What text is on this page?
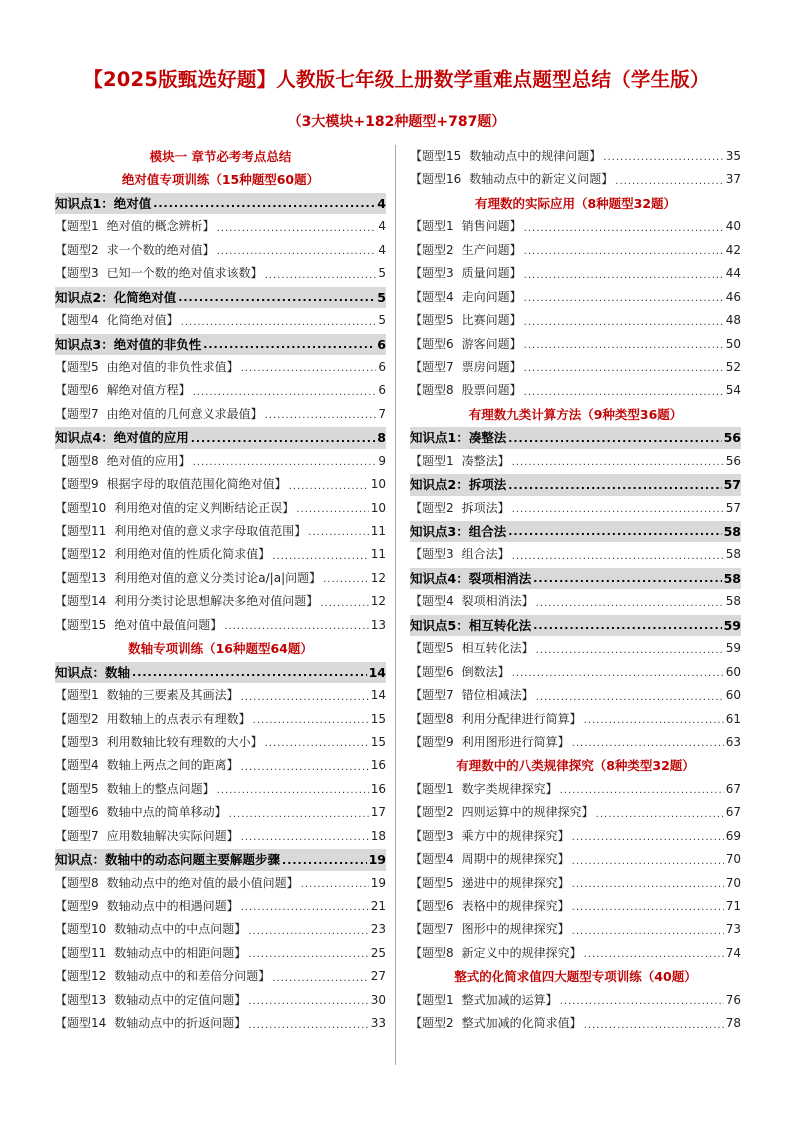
【2025版甄选好题】人教版七年级上册数学重难点题型总结（学生版）
（3大模块+182种题型+787题）
模块一 章节必考考点总结
绝对值专项训练（15种题型60题）
知识点1：绝对值 .....	4
【题型1 绝对值的概念辨析】 .....	4
【题型2 求一个数的绝对值】 .....	4
【题型3 已知一个数的绝对值求该数】 .....	5
知识点2：化简绝对值 .....	5
【题型4 化简绝对值】 .....	5
知识点3：绝对值的非负性 .....	6
【题型5 由绝对值的非负性求值】 .....	6
【题型6 解绝对值方程】 .....	6
【题型7 由绝对值的几何意义求最值】 .....	7
知识点4：绝对值的应用 .....	8
【题型8 绝对值的应用】 .....	9
【题型9 根据字母的取值范围化简绝对值】 .....	10
【题型10 利用绝对值的定义判断结论正误】 .....	10
【题型11 利用绝对值的意义求字母取值范围】 .....	11
【题型12 利用绝对值的性质化简求值】 .....	11
【题型13 利用绝对值的意义分类讨论a/|a|问题】 .....	12
【题型14 利用分类讨论思想解决多绝对值问题】 .....	12
【题型15 绝对值中最值问题】 .....	13
数轴专项训练（16种题型64题）
知识点：数轴 .....	14
【题型1 数轴的三要素及其画法】 .....	14
【题型2 用数轴上的点表示有理数】 .....	15
【题型3 利用数轴比较有理数的大小】 .....	15
【题型4 数轴上两点之间的距离】 .....	16
【题型5 数轴上的整点问题】 .....	16
【题型6 数轴中点的简单移动】 .....	17
【题型7 应用数轴解决实际问题】 .....	18
知识点：数轴中的动态问题主要解题步骤 .....	19
【题型8 数轴动点中的绝对值的最小值问题】 .....	19
【题型9 数轴动点中的相遇问题】 .....	21
【题型10 数轴动点中的中点问题】 .....	23
【题型11 数轴动点中的相距问题】 .....	25
【题型12 数轴动点中的和差倍分问题】 .....	27
【题型13 数轴动点中的定值问题】 .....	30
【题型14 数轴动点中的折返问题】 .....	33
【题型15 数轴动点中的规律问题】 .....	35
【题型16 数轴动点中的新定义问题】 .....	37
有理数的实际应用（8种题型32题）
【题型1 销售问题】 .....	40
【题型2 生产问题】 .....	42
【题型3 质量问题】 .....	44
【题型4 走向问题】 .....	46
【题型5 比赛问题】 .....	48
【题型6 游客问题】 .....	50
【题型7 票房问题】 .....	52
【题型8 股票问题】 .....	54
有理数九类计算方法（9种类型36题）
知识点1：凑整法 .....	56
【题型1 凑整法】 .....	56
知识点2：拆项法 .....	57
【题型2 拆项法】 .....	57
知识点3：组合法 .....	58
【题型3 组合法】 .....	58
知识点4：裂项相消法 .....	58
【题型4 裂项相消法】 .....	58
知识点5：相互转化法 .....	59
【题型5 相互转化法】 .....	59
【题型6 倒数法】 .....	60
【题型7 错位相减法】 .....	60
【题型8 利用分配律进行简算】 .....	61
【题型9 利用图形进行简算】 .....	63
有理数中的八类规律探究（8种类型32题）
【题型1 数字类规律探究】 .....	67
【题型2 四则运算中的规律探究】 .....	67
【题型3 乘方中的规律探究】 .....	69
【题型4 周期中的规律探究】 .....	70
【题型5 递进中的规律探究】 .....	70
【题型6 表格中的规律探究】 .....	71
【题型7 图形中的规律探究】 .....	73
【题型8 新定义中的规律探究】 .....	74
整式的化简求值四大题型专项训练（40题）
【题型1 整式加减的运算】 .....	76
【题型2 整式加减的化简求值】 .....	78
